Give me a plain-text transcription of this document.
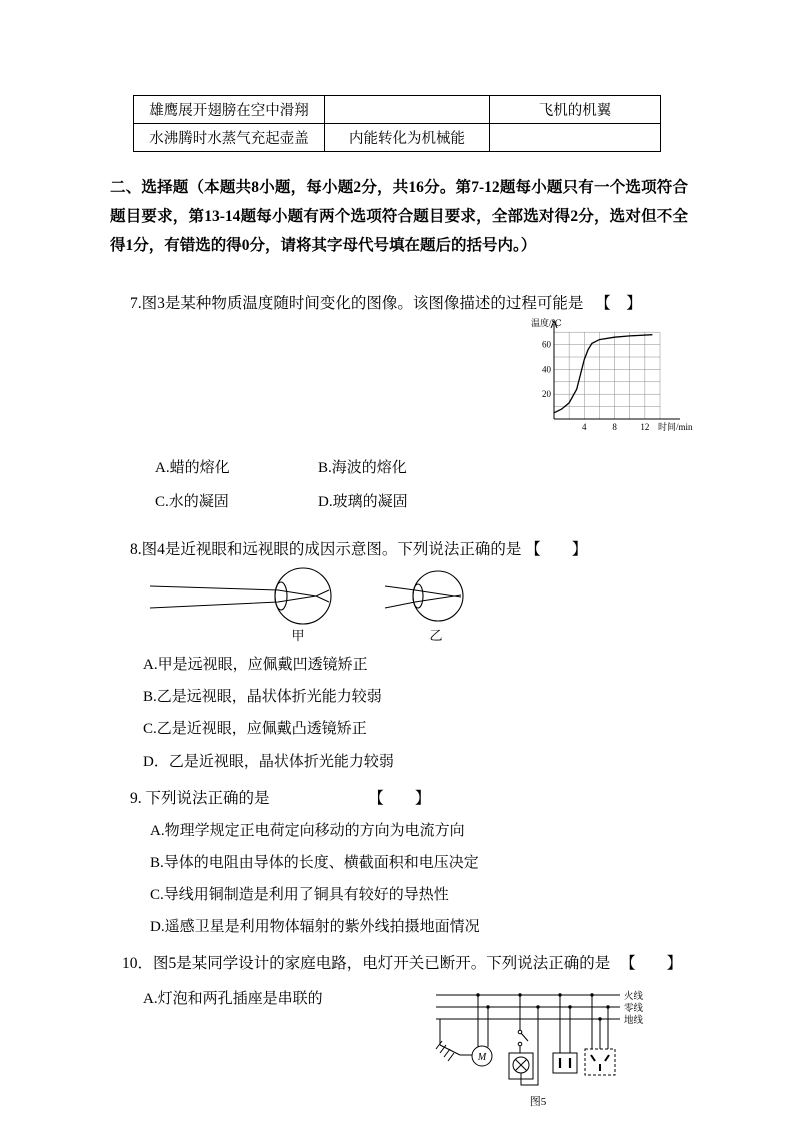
雄鹰展开翅膀在空中滑翔		飞机的机翼
水沸腾时水蒸气充起壶盖	内能转化为机械能	
二、选择题（本题共8小题，每小题2分，共16分。第7-12题每小题只有一个选项符合题目要求，第13-14题每小题有两个选项符合题目要求，全部选对得2分，选对但不全得1分，有错选的得0分，请将其字母代号填在题后的括号内。）
7.图3是某种物质温度随时间变化的图像。该图像描述的过程可能是 【　】
温度/℃
20
40
60
4	8	12 时间/min
A.蜡的熔化	B.海波的熔化
C.水的凝固	D.玻璃的凝固
8.图4是近视眼和远视眼的成因示意图。下列说法正确的是 【　　】
甲	乙
A.甲是远视眼，应佩戴凹透镜矫正
B.乙是远视眼，晶状体折光能力较弱
C.乙是近视眼，应佩戴凸透镜矫正
D．乙是近视眼，晶状体折光能力较弱
9. 下列说法正确的是	【　　】
A.物理学规定正电荷定向移动的方向为电流方向
B.导体的电阻由导体的长度、横截面积和电压决定
C.导线用铜制造是利用了铜具有较好的导热性
D.遥感卫星是利用物体辐射的紫外线拍摄地面情况
10．图5是某同学设计的家庭电路，电灯开关已断开。下列说法正确的是 【　　】
A.灯泡和两孔插座是串联的	火线
零线
地线
M
图5
